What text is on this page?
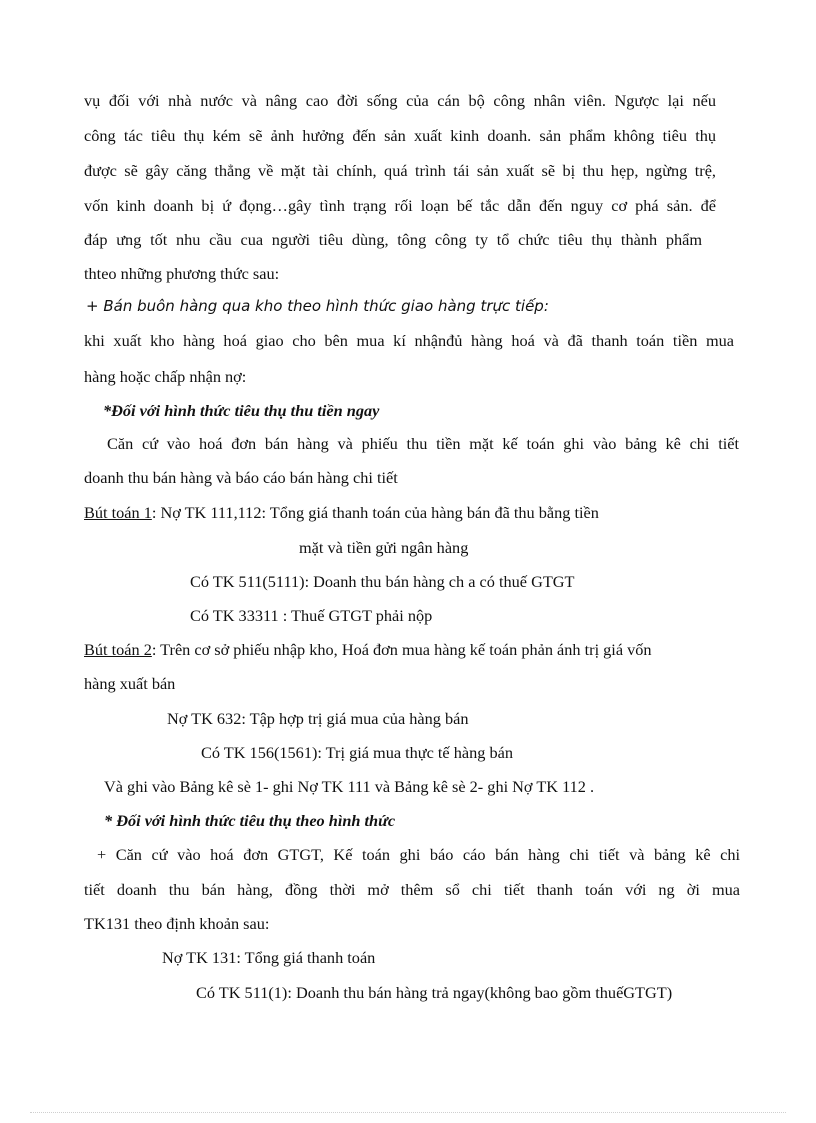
vụ đối với nhà nước và nâng cao đời sống của cán bộ công nhân viên. Ngược lại nếu
công tác tiêu thụ kém sẽ ảnh hưởng đến sản xuất kinh doanh. sản phẩm không tiêu thụ
được sẽ gây căng thẳng về mặt tài chính, quá trình tái sản xuất sẽ bị thu hẹp, ngừng trệ,
vốn kinh doanh bị ứ đọng…gây tình trạng rối loạn bế tắc dẫn đến nguy cơ phá sản. để
đáp ưng tốt nhu cầu cua người tiêu dùng, tông công ty tổ chức tiêu thụ thành phẩm
thteo những phương thức sau:
+ Bán buôn hàng qua kho theo hình thức giao hàng trực tiếp:
khi xuất kho hàng hoá giao cho bên mua kí nhậnđủ hàng hoá và đã thanh toán tiền mua
hàng hoặc chấp nhận nợ:
*Đối với hình thức tiêu thụ thu tiền ngay
Căn cứ vào hoá đơn bán hàng và phiếu thu tiền mặt kế toán ghi vào bảng kê chi tiết
doanh thu bán hàng và báo cáo bán hàng chi tiết
Bút toán 1: Nợ TK 111,112: Tổng giá thanh toán của hàng bán đã thu bằng tiền
mặt và tiền gửi ngân hàng
Có TK 511(5111): Doanh thu bán hàng ch a có thuế GTGT
Có TK 33311 : Thuế GTGT phải nộp
Bút toán 2: Trên cơ sở phiếu nhập kho, Hoá đơn mua hàng kế toán phản ánh trị giá vốn
hàng xuất bán
Nợ TK 632: Tập hợp trị giá mua của hàng bán
Có TK 156(1561): Trị giá mua thực tế hàng bán
Và ghi vào Bảng kê sè 1- ghi Nợ TK 111 và Bảng kê sè 2- ghi Nợ TK 112 .
* Đối với hình thức tiêu thụ theo hình thức
+ Căn cứ vào hoá đơn GTGT, Kế toán ghi báo cáo bán hàng chi tiết và bảng kê chi
tiết doanh thu bán hàng, đồng thời mở thêm sổ chi tiết thanh toán với ng ời mua
TK131 theo định khoản sau:
Nợ TK 131: Tổng giá thanh toán
Có TK 511(1): Doanh thu bán hàng trả ngay(không bao gồm thuếGTGT)
